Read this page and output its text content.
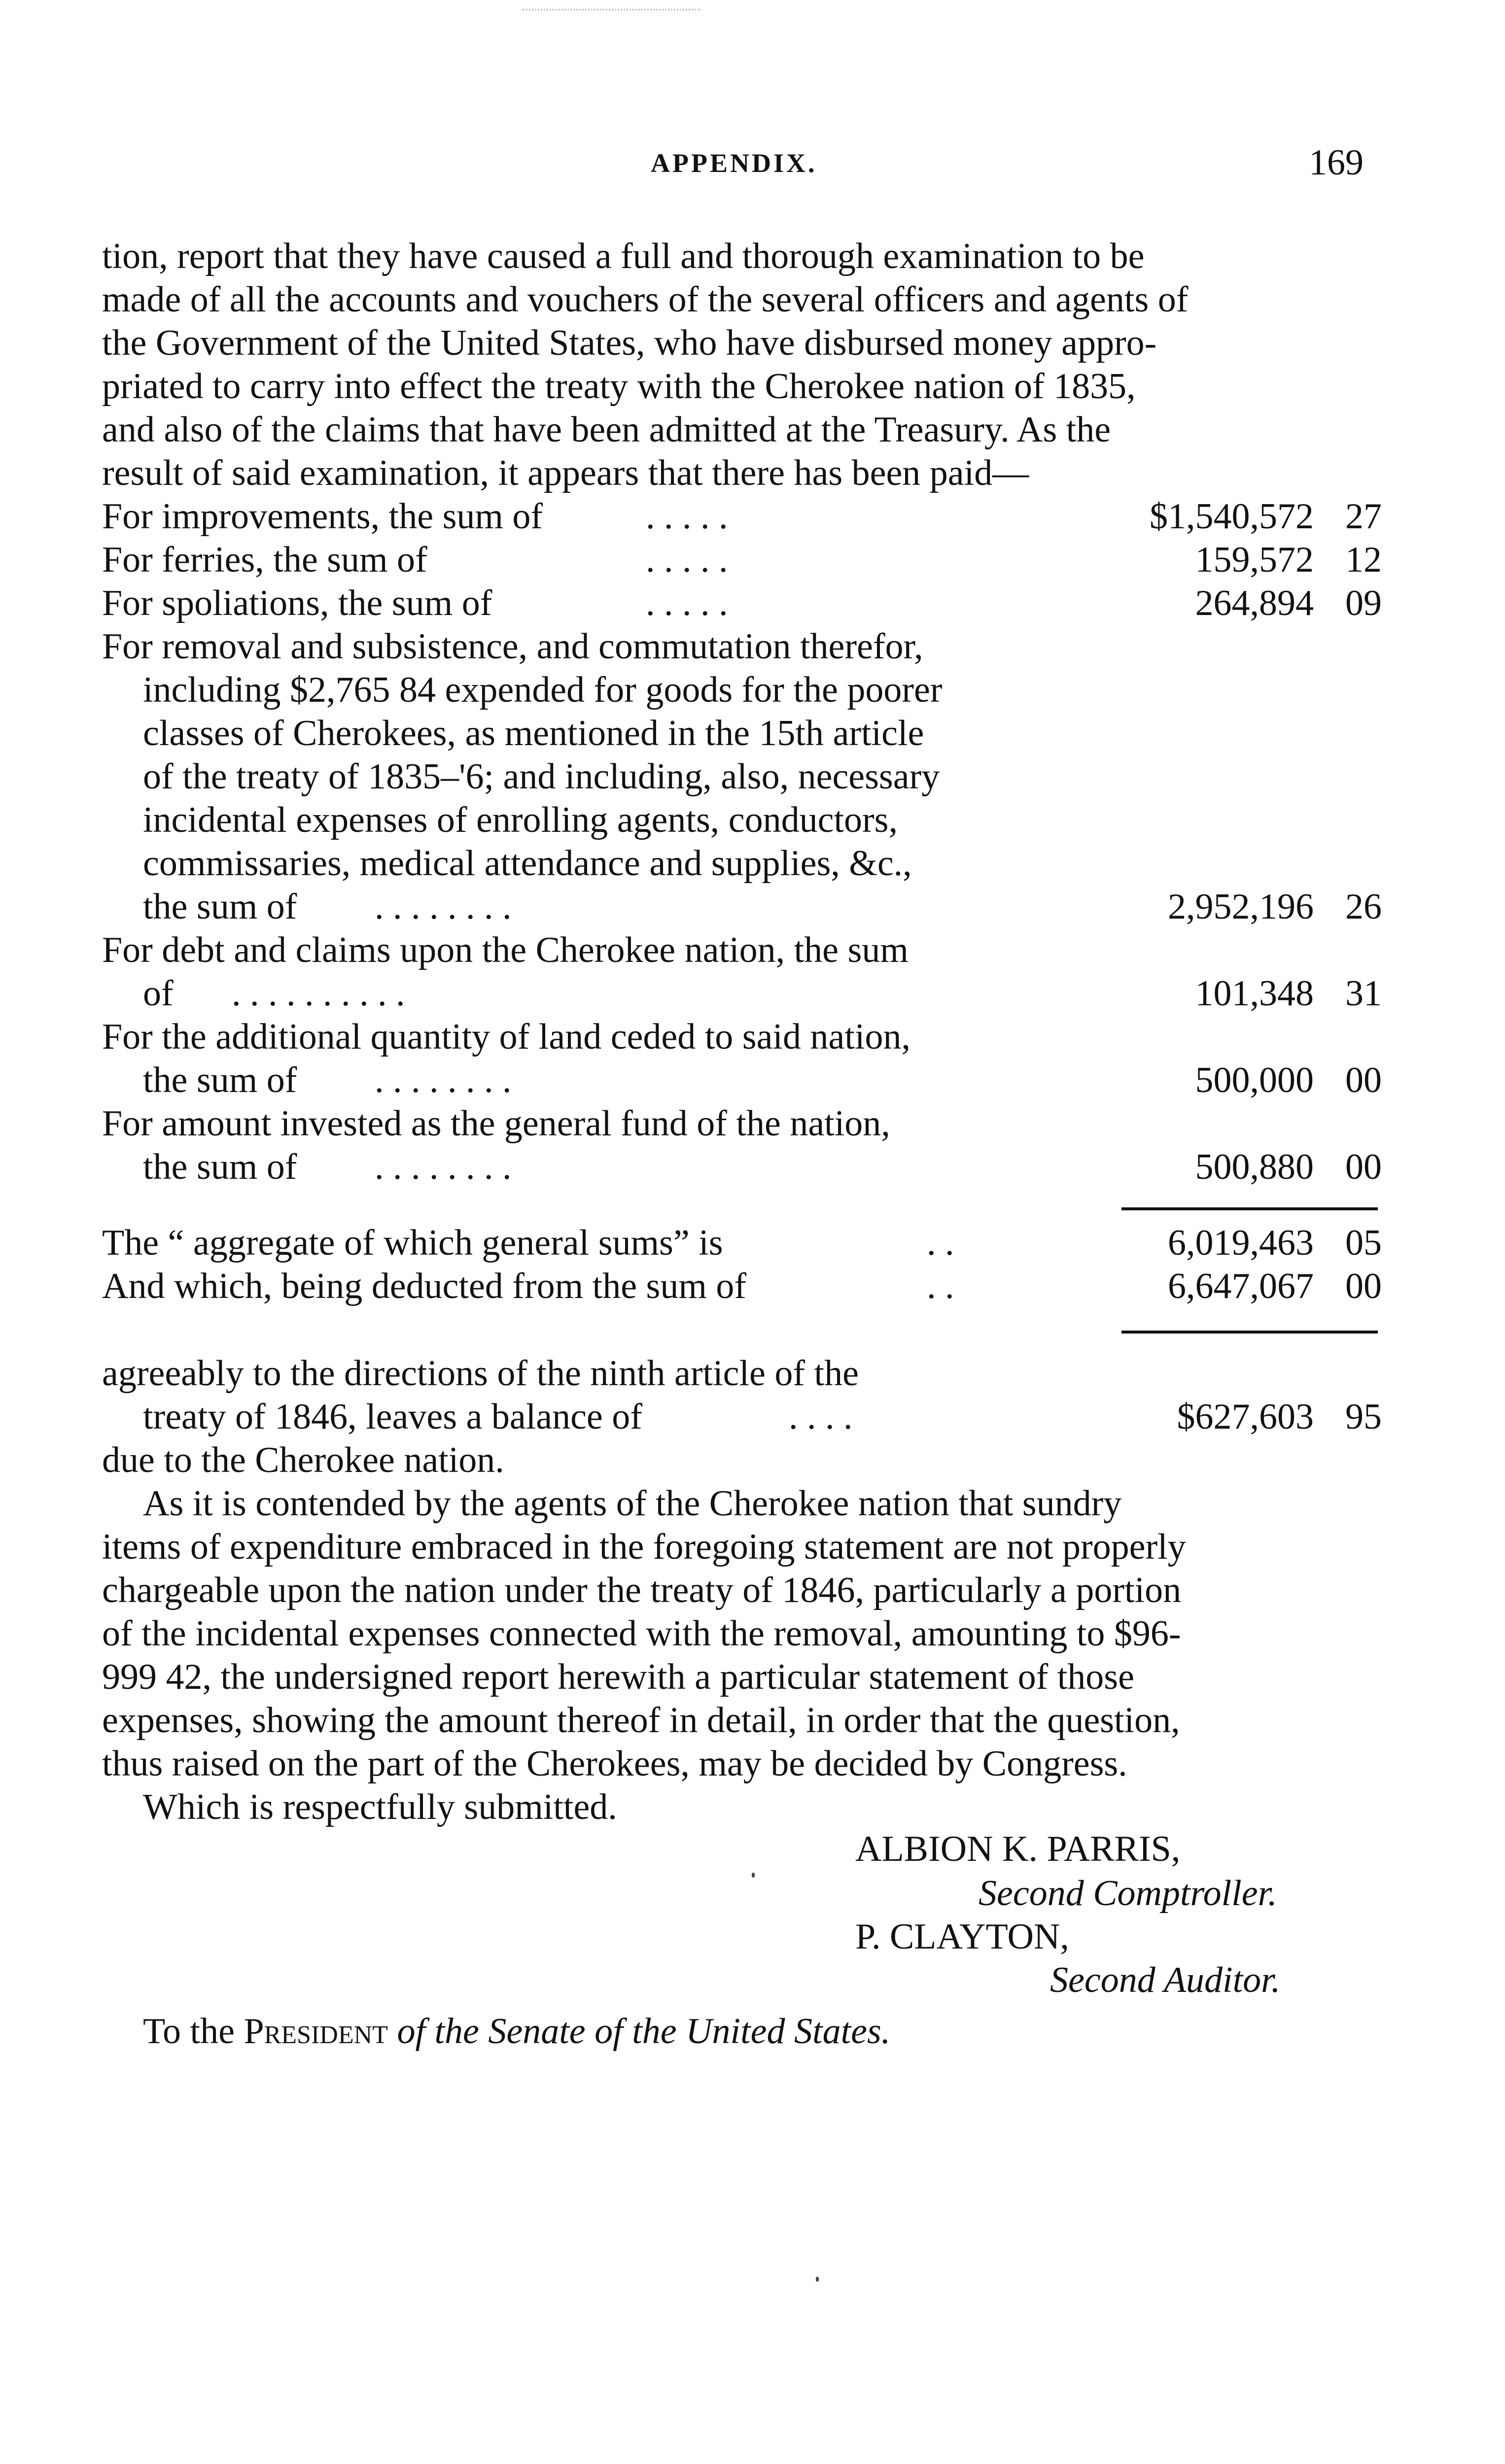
APPENDIX.	169
tion, report that they have caused a full and thorough examination to be
made of all the accounts and vouchers of the several officers and agents of
the Government of the United States, who have disbursed money appro-
priated to carry into effect the treaty with the Cherokee nation of 1835,
and also of the claims that have been admitted at the Treasury. As the
result of said examination, it appears that there has been paid—
For improvements, the sum of	. . . . .	$1,540,572 27
For ferries, the sum of	. . . . .	159,572 12
For spoliations, the sum of	. . . . .	264,894 09
For removal and subsistence, and commutation therefor,
including $2,765 84 expended for goods for the poorer
classes of Cherokees, as mentioned in the 15th article
of the treaty of 1835–'6; and including, also, necessary
incidental expenses of enrolling agents, conductors,
commissaries, medical attendance and supplies, &c.,
the sum of . . . . . . . .	2,952,196 26
For debt and claims upon the Cherokee nation, the sum
of . . . . . . . . . .	101,348 31
For the additional quantity of land ceded to said nation,
the sum of . . . . . . . .	500,000 00
For amount invested as the general fund of the nation,
the sum of . . . . . . . .	500,880 00
The “ aggregate of which general sums” is	. .	6,019,463 05
And which, being deducted from the sum of	. .	6,647,067 00
agreeably to the directions of the ninth article of the
treaty of 1846, leaves a balance of	. . . .	$627,603 95
due to the Cherokee nation.
As it is contended by the agents of the Cherokee nation that sundry
items of expenditure embraced in the foregoing statement are not properly
chargeable upon the nation under the treaty of 1846, particularly a portion
of the incidental expenses connected with the removal, amounting to $96-
999 42, the undersigned report herewith a particular statement of those
expenses, showing the amount thereof in detail, in order that the question,
thus raised on the part of the Cherokees, may be decided by Congress.
Which is respectfully submitted.
ALBION K. PARRIS,
Second Comptroller.
P. CLAYTON,
Second Auditor.
To the President of the Senate of the United States.
